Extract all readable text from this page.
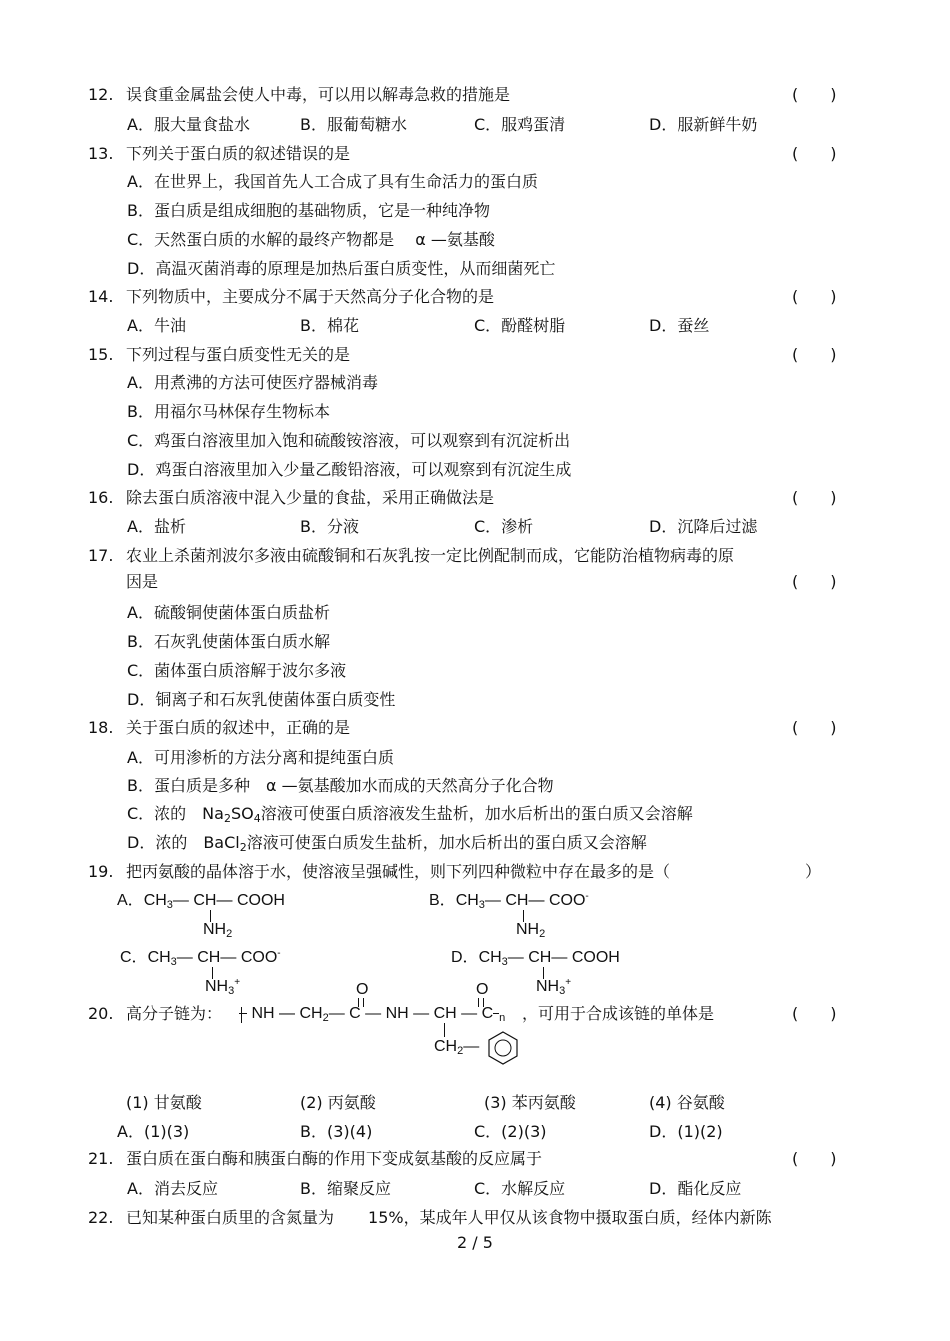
12. 误食重金属盐会使人中毒，可以用以解毒急救的措施是	(　　)
A．服大量食盐水	B．服葡萄糖水	C．服鸡蛋清	D．服新鲜牛奶
13. 下列关于蛋白质的叙述错误的是	(　　)
A．在世界上，我国首先人工合成了具有生命活力的蛋白质
B．蛋白质是组成细胞的基础物质，它是一种纯净物
C．天然蛋白质的水解的最终产物都是　 α —氨基酸
D．高温灭菌消毒的原理是加热后蛋白质变性，从而细菌死亡
14. 下列物质中，主要成分不属于天然高分子化合物的是	(　　)
A．牛油	B．棉花	C．酚醛树脂	D．蚕丝
15. 下列过程与蛋白质变性无关的是	(　　)
A．用煮沸的方法可使医疗器械消毒
B．用福尔马林保存生物标本
C．鸡蛋白溶液里加入饱和硫酸铵溶液，可以观察到有沉淀析出
D．鸡蛋白溶液里加入少量乙酸铅溶液，可以观察到有沉淀生成
16. 除去蛋白质溶液中混入少量的食盐，采用正确做法是	(　　)
A．盐析	B．分液	C．渗析	D．沉降后过滤
17. 农业上杀菌剂波尔多液由硫酸铜和石灰乳按一定比例配制而成，它能防治植物病毒的原
因是	(　　)
A．硫酸铜使菌体蛋白质盐析
B．石灰乳使菌体蛋白质水解
C．菌体蛋白质溶解于波尔多液
D．铜离子和石灰乳使菌体蛋白质变性
18. 关于蛋白质的叙述中，正确的是	(　　)
A．可用渗析的方法分离和提纯蛋白质
B．蛋白质是多种　α —氨基酸加水而成的天然高分子化合物
C．浓的　Na2SO4溶液可使蛋白质溶液发生盐析，加水后析出的蛋白质又会溶解
D．浓的　BaCl2溶液可使蛋白质发生盐析，加水后析出的蛋白质又会溶解
19. 把丙氨酸的晶体溶于水，使溶液呈强碱性，则下列四种微粒中存在最多的是（	）
A．CH3— CH— COOH
NH2
B．CH3— CH— COO-
NH2
C．CH3— CH— COO-
NH3+
D．CH3— CH— COOH
NH3+
O	O
20. 高分子链为：	NH — CH2— C — NH — CH — C n ，可用于合成该链的单体是	(　　)
CH2—
(1) 甘氨酸	(2) 丙氨酸	(3) 苯丙氨酸	(4) 谷氨酸
A．(1)(3)	B．(3)(4)	C．(2)(3)	D．(1)(2)
21. 蛋白质在蛋白酶和胰蛋白酶的作用下变成氨基酸的反应属于	(　　)
A．消去反应	B．缩聚反应	C．水解反应	D．酯化反应
22. 已知某种蛋白质里的含氮量为 15%，某成年人甲仅从该食物中摄取蛋白质，经体内新陈
2 / 5
